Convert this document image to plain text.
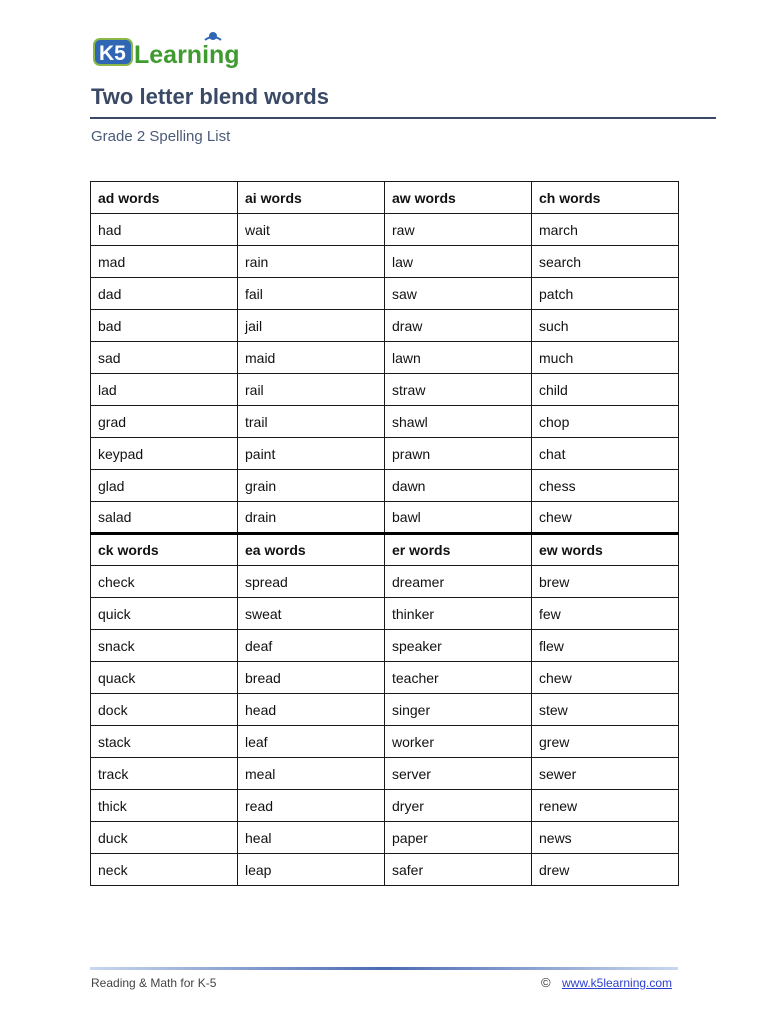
K5 Learning
Two letter blend words
Grade 2 Spelling List
ad words	ai words	aw words	ch words
had	wait	raw	march
mad	rain	law	search
dad	fail	saw	patch
bad	jail	draw	such
sad	maid	lawn	much
lad	rail	straw	child
grad	trail	shawl	chop
keypad	paint	prawn	chat
glad	grain	dawn	chess
salad	drain	bawl	chew
ck words	ea words	er words	ew words
check	spread	dreamer	brew
quick	sweat	thinker	few
snack	deaf	speaker	flew
quack	bread	teacher	chew
dock	head	singer	stew
stack	leaf	worker	grew
track	meal	server	sewer
thick	read	dryer	renew
duck	heal	paper	news
neck	leap	safer	drew
Reading & Math for K-5	© www.k5learning.com
